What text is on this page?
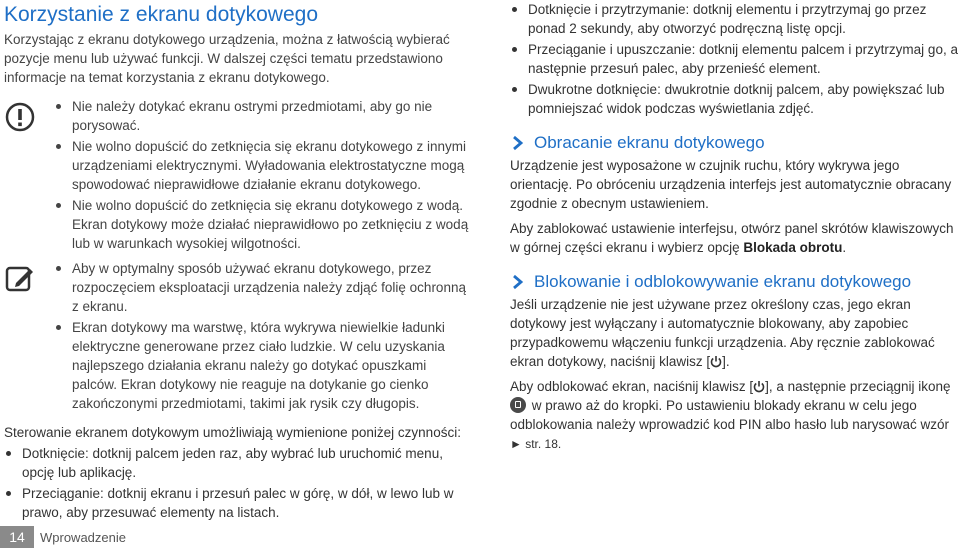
Korzystanie z ekranu dotykowego

Korzystając z ekranu dotykowego urządzenia, można z łatwością wybierać pozycje menu lub używać funkcji. W dalszej części tematu przedstawiono informacje na temat korzystania z ekranu dotykowego.

Nie należy dotykać ekranu ostrymi przedmiotami, aby go nie porysować.
Nie wolno dopuścić do zetknięcia się ekranu dotykowego z innymi urządzeniami elektrycznymi. Wyładowania elektrostatyczne mogą spowodować nieprawidłowe działanie ekranu dotykowego.
Nie wolno dopuścić do zetknięcia się ekranu dotykowego z wodą. Ekran dotykowy może działać nieprawidłowo po zetknięciu z wodą lub w warunkach wysokiej wilgotności.
Aby w optymalny sposób używać ekranu dotykowego, przez rozpoczęciem eksploatacji urządzenia należy zdjąć folię ochronną z ekranu.
Ekran dotykowy ma warstwę, która wykrywa niewielkie ładunki elektryczne generowane przez ciało ludzkie. W celu uzyskania najlepszego działania ekranu należy go dotykać opuszkami palców. Ekran dotykowy nie reaguje na dotykanie go cienko zakończonymi przedmiotami, takimi jak rysik czy długopis.

Sterowanie ekranem dotykowym umożliwiają wymienione poniżej czynności:

Dotknięcie: dotknij palcem jeden raz, aby wybrać lub uruchomić menu, opcję lub aplikację.
Przeciąganie: dotknij ekranu i przesuń palec w górę, w dół, w lewo lub w prawo, aby przesuwać elementy na listach.
Dotknięcie i przytrzymanie: dotknij elementu i przytrzymaj go przez ponad 2 sekundy, aby otworzyć podręczną listę opcji.
Przeciąganie i upuszczanie: dotknij elementu palcem i przytrzymaj go, a następnie przesuń palec, aby przenieść element.
Dwukrotne dotknięcie: dwukrotnie dotknij palcem, aby powiększać lub pomniejszać widok podczas wyświetlania zdjęć.
Obracanie ekranu dotykowego

Urządzenie jest wyposażone w czujnik ruchu, który wykrywa jego orientację. Po obróceniu urządzenia interfejs jest automatycznie obracany zgodnie z obecnym ustawieniem.

Aby zablokować ustawienie interfejsu, otwórz panel skrótów klawiszowych w górnej części ekranu i wybierz opcję Blokada obrotu.

Blokowanie i odblokowywanie ekranu dotykowego

Jeśli urządzenie nie jest używane przez określony czas, jego ekran dotykowy jest wyłączany i automatycznie blokowany, aby zapobiec przypadkowemu włączeniu funkcji urządzenia. Aby ręcznie zablokować ekran dotykowy, naciśnij klawisz [ ].

Aby odblokować ekran, naciśnij klawisz [ ], a następnie przeciągnij ikonę
w prawo aż do kropki. Po ustawieniu blokady ekranu w celu jego odblokowania należy wprowadzić kod PIN albo hasło lub narysować wzór
► str. 18.

14	Wprowadzenie
